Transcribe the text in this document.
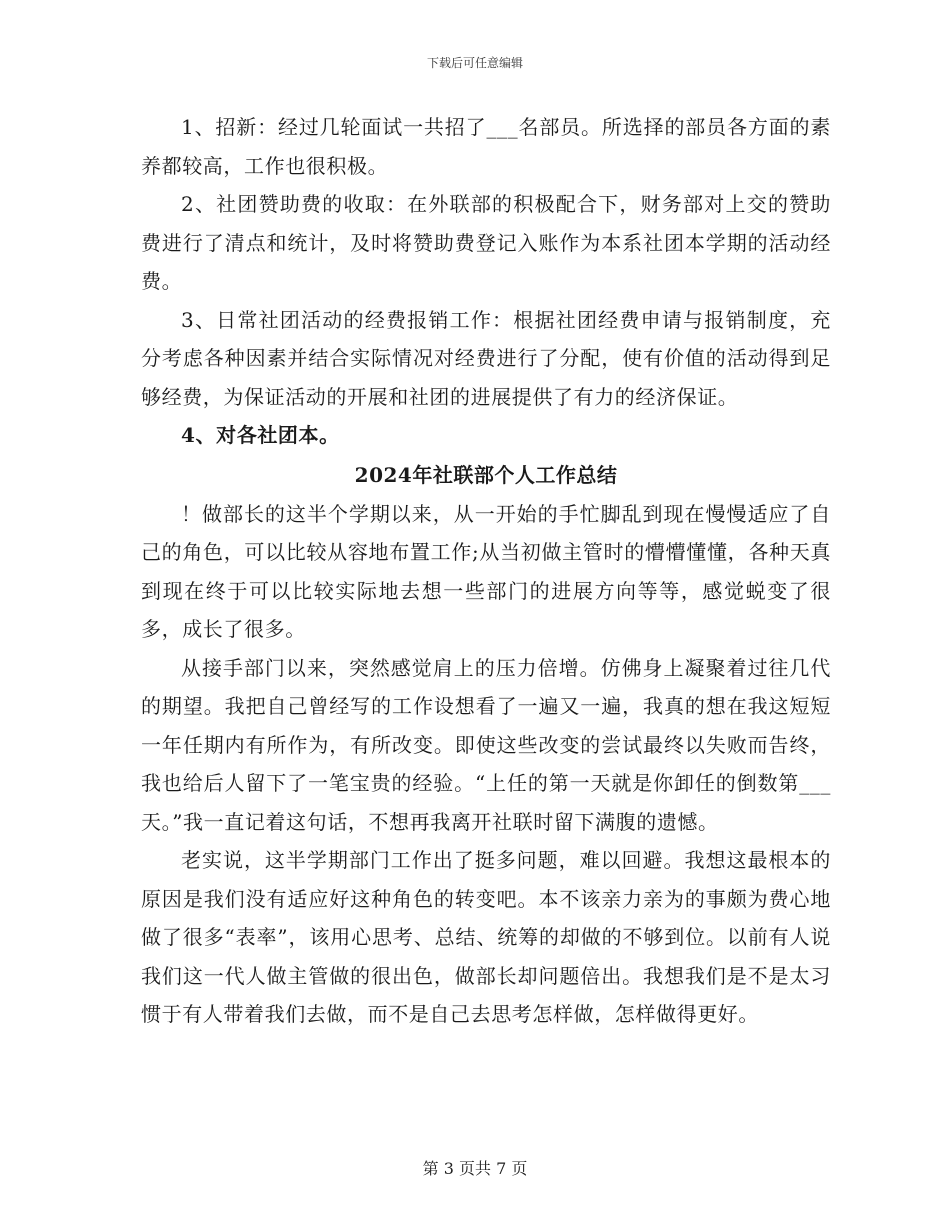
下载后可任意编辑

1、招新：经过几轮面试一共招了___名部员。所选择的部员各方面的素养都较高，工作也很积极。

2、社团赞助费的收取：在外联部的积极配合下，财务部对上交的赞助费进行了清点和统计，及时将赞助费登记入账作为本系社团本学期的活动经费。

3、日常社团活动的经费报销工作：根据社团经费申请与报销制度，充分考虑各种因素并结合实际情况对经费进行了分配，使有价值的活动得到足够经费，为保证活动的开展和社团的进展提供了有力的经济保证。

4、对各社团本。

2024年社联部个人工作总结

！做部长的这半个学期以来，从一开始的手忙脚乱到现在慢慢适应了自己的角色，可以比较从容地布置工作;从当初做主管时的懵懵懂懂，各种天真到现在终于可以比较实际地去想一些部门的进展方向等等，感觉蜕变了很多，成长了很多。

从接手部门以来，突然感觉肩上的压力倍增。仿佛身上凝聚着过往几代的期望。我把自己曾经写的工作设想看了一遍又一遍，我真的想在我这短短一年任期内有所作为，有所改变。即使这些改变的尝试最终以失败而告终，我也给后人留下了一笔宝贵的经验。“上任的第一天就是你卸任的倒数第___天。”我一直记着这句话，不想再我离开社联时留下满腹的遗憾。

老实说，这半学期部门工作出了挺多问题，难以回避。我想这最根本的原因是我们没有适应好这种角色的转变吧。本不该亲力亲为的事颇为费心地做了很多“表率”，该用心思考、总结、统筹的却做的不够到位。以前有人说我们这一代人做主管做的很出色，做部长却问题倍出。我想我们是不是太习惯于有人带着我们去做，而不是自己去思考怎样做，怎样做得更好。

第 3 页共 7 页
